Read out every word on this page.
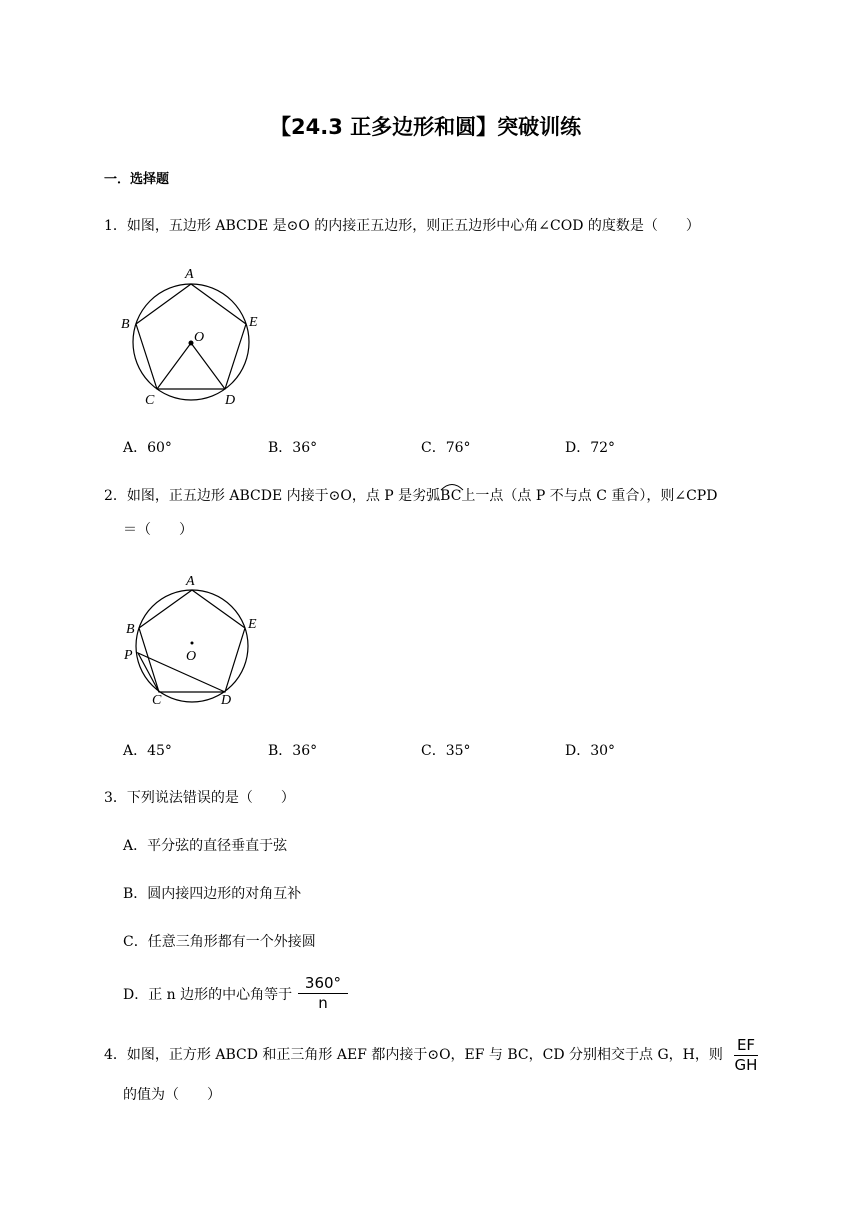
【24.3 正多边形和圆】突破训练
一．选择题
1．如图，五边形 ABCDE 是⊙O 的内接正五边形，则正五边形中心角∠COD 的度数是（　　）
A
B
C	D
E
O
A．60°	B．36°	C．76°	D．72°
2．如图，正五边形 ABCDE 内接于⊙O，点 P 是劣弧
BC上一点（点 P 不与点 C 重合），则∠CPD
＝（　　）
A
B
C	D
E
O
P
A．45°	B．36°	C．35°	D．30°
3．下列说法错误的是（　　）
A．平分弦的直径垂直于弦
B．圆内接四边形的对角互补
C．任意三角形都有一个外接圆
D．正 n 边形的中心角等于
360°
n
4．如图，正方形 ABCD 和正三角形 AEF 都内接于⊙O，EF 与 BC，CD 分别相交于点 G，H，则
EF
GH
的值为（　　）
